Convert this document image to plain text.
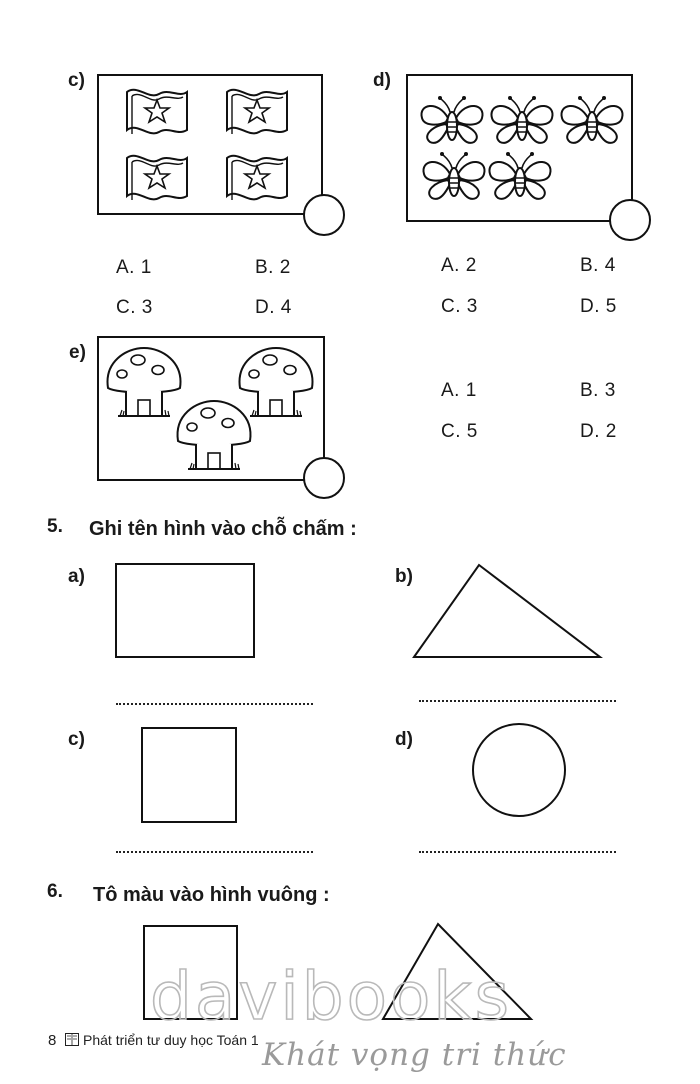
c)
A. 1	B. 2
C. 3	D. 4
d)
A. 2	B. 4
C. 3	D. 5
e)
A. 1	B. 3
C. 5	D. 2
5. Ghi tên hình vào chỗ chấm :
a)	b)
c)	d)
6. Tô màu vào hình vuông :
davibooks
Khát vọng tri thức
8 Phát triển tư duy học Toán 1
